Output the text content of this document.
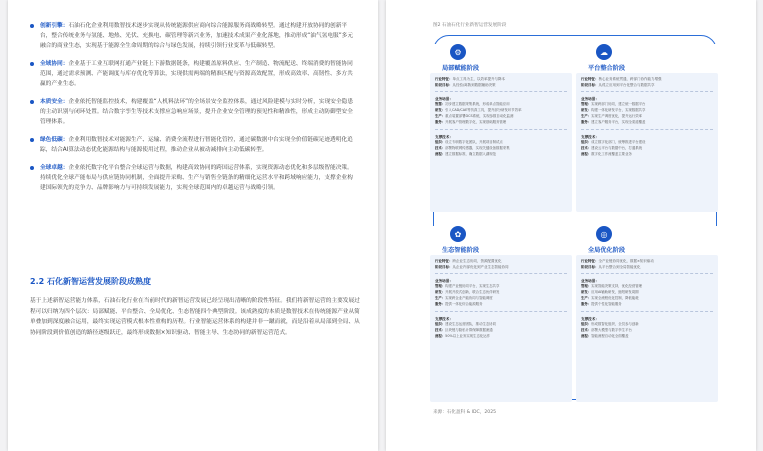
创新引擎：石油石化企业利用数智技术逐步实现从传统能源供应商向综合能源服务商战略转型。通过构建开放协同的创新平台，整合传统业务与氢能、地热、光伏、充换电、碳管理等新兴业务，加速技术成果产业化落地，推动形成“油气氢电服”多元融合的商业生态，实现基于能源全生命周期的综合与绿色发展，持续引领行业变革与低碳转型。
全域协同：企业基于工业互联网打通产业链上下游数据链条，构建覆盖原料供应、生产制造、物流配送、终端消费的智能协同范围，通过需求预测、产能调度与库存优化等算法，实现供需两端的精准匹配与资源高效配置，形成高效率、高韧性、多方共赢的产业生态。
本质安全：企业依托智能监控技术，构建覆盖“人机料法环”的全场景安全监控体系，通过风险建模与实时分析，实现安全隐患的主动识别与闭环处置。结合数字孪生等技术支撑应急响应场景，提升企业安全管理的预见性和精准性，形成主动防御型安全管理体系。
绿色低碳：企业利用数智技术对能源生产、运输、消费全流程进行智能化管控，通过碳数据中台实现全价值链碳足迹透明化追踪，结合AI算法动态优化能源结构与能源使用过程，推动企业从被动减排向主动低碳转型。
全球卓越：企业依托数字化平台整合全球运营与数据，构建高效协同的跨国运营体系，实现资源动态优化和多层级智能决策。持续优化全球产能布局与供应链协同机制，全面提升采购、生产与销售全链条的精细化运营水平和跨域响应能力，支撑企业构建国际领先的竞争力、品牌影响力与可持续发展能力，实现全球范围内的卓越运营与战略引领。
2.2 石化新智运营发展阶段成熟度
基于上述新智运营能力体系，石油石化行业在当前时代的新智运营发展已经呈现出清晰的阶段性特征。我们将新智运营的主要发展过程可以归纳为四个层次：局部赋能、平台整合、全局优化、生态智能四个典型阶段。该成熟度的本质是数智技术在传统能源产业从简单叠加到深度融合运用，最终实现运营模式根本性重构的历程。行业智能运营体系的构建并非一蹴而就，而是沿着从局部到全局、从协同阶段到价值创造的路径逐级跃迁，最终形成数据×知识驱动、智能主导、生态协同的新智运营范式。
图2 石油石化行业新智运营发展阶段
⚙
局部赋能阶段
行业特征：单点工具为主，以效率提升与降本
阶段目标：从经验/离散到数据辅助决策
业务场景：
智慧：初步建立数据采集系统，形成单点智能应用
研发：引入CAD/CAE等仿真工具，提升部分研发环节效率
生产：重点装置部署DCS系统，实现参数自动化监测
服务：开展客户管理数字化，实现基础服务管理
支撑技术：
组织：设立专职数字化团队，开展项目制试点
技术：部署物联网传感器，实现关键设备数据采集
流程：建立数据标准，确立数据入湖规范
☁
平台整合阶段
行业特征：核心业务系统贯通，跨部门协作能力增强
阶段目标：从孤立应用到平台化整合与数据共享
业务场景：
管理：实现跨部门协同，建立统一数据平台
研发：构建一体化研发平台，实现数据共享
生产：实现生产调度优化，提升运行效率
服务：建立客户服务平台，实现全渠道覆盖
支撑技术：
组织：成立数字化部门，统筹推进平台建设
技术：建设云平台与数据中台，打通系统
流程：数字化工作流覆盖主要业务
✿
生态智能阶段
行业特征：跨企业生态协同，资源配置优化
阶段目标：从企业内部优化到产业生态智能协同
业务场景：
管理：构建产业链协同平台，实现生态共享
研发：开展开放式创新，联合生态伙伴研发
生产：实现跨企业产能协同与智能调度
服务：提供一体化综合能源服务
支撑技术：
组织：建设生态运营团队，推动生态协同
技术：区块链与隐私计算保障数据流通
流程：50%以上业务实现生态化运作
◎
全局优化阶段
行业特征：全产业链协同优化，数据×知识驱动
阶段目标：从平台整合到全局智能优化
业务场景：
管理：实现智能决策支持，优化经营管理
研发：应用AI辅助研发，缩短研发周期
生产：实现全流程优化控制，降低能耗
服务：提供个性化智能服务
支撑技术：
组织：形成数智化组织，全员参与创新
技术：部署大模型与数字孪生平台
流程：智能流程自动化全面覆盖
来源：石化盈科 & IDC，2025
